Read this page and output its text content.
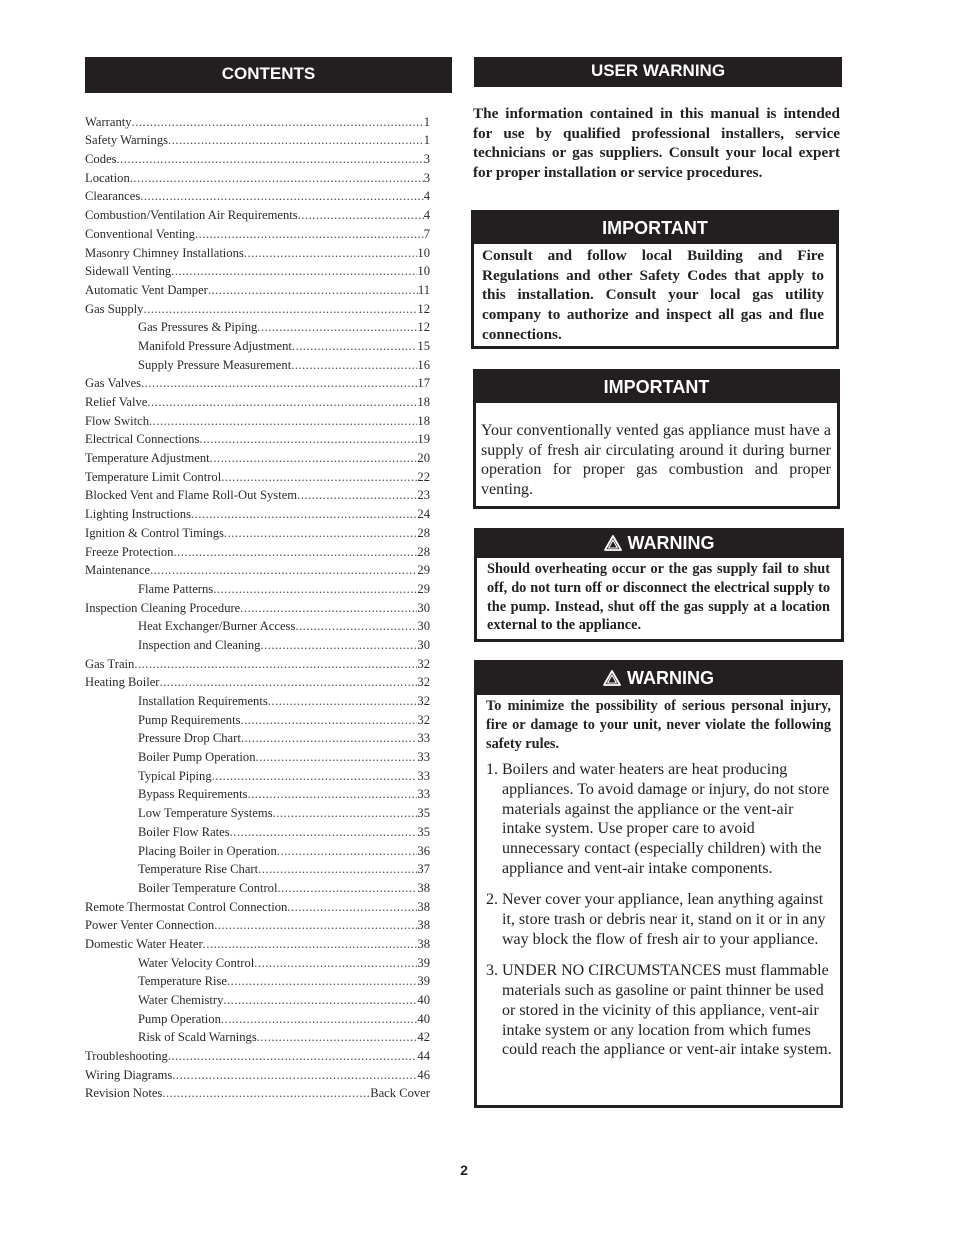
CONTENTS
Warranty .....	1
Safety Warnings .....	1
Codes .....	3
Location .....	3
Clearances .....	4
Combustion/Ventilation Air Requirements .....	4
Conventional Venting .....	7
Masonry Chimney Installations .....	10
Sidewall Venting .....	10
Automatic Vent Damper .....	11
Gas Supply .....	12
Gas Pressures & Piping .....	12
Manifold Pressure Adjustment .....	15
Supply Pressure Measurement .....	16
Gas Valves .....	17
Relief Valve .....	18
Flow Switch .....	18
Electrical Connections .....	19
Temperature Adjustment .....	20
Temperature Limit Control .....	22
Blocked Vent and Flame Roll-Out System .....	23
Lighting Instructions .....	24
Ignition & Control Timings .....	28
Freeze Protection .....	28
Maintenance .....	29
Flame Patterns .....	29
Inspection Cleaning Procedure .....	30
Heat Exchanger/Burner Access .....	30
Inspection and Cleaning .....	30
Gas Train .....	32
Heating Boiler .....	32
Installation Requirements .....	32
Pump Requirements .....	32
Pressure Drop Chart .....	33
Boiler Pump Operation .....	33
Typical Piping .....	33
Bypass Requirements .....	33
Low Temperature Systems .....	35
Boiler Flow Rates .....	35
Placing Boiler in Operation .....	36
Temperature Rise Chart .....	37
Boiler Temperature Control .....	38
Remote Thermostat Control Connection .....	38
Power Venter Connection .....	38
Domestic Water Heater .....	38
Water Velocity Control .....	39
Temperature Rise .....	39
Water Chemistry .....	40
Pump Operation .....	40
Risk of Scald Warnings .....	42
Troubleshooting .....	44
Wiring Diagrams .....	46
Revision Notes .....	Back Cover
USER WARNING
The information contained in this manual is intended for use by qualified professional installers, service technicians or gas suppliers. Consult your local expert for proper installation or service procedures.
IMPORTANT
Consult and follow local Building and Fire Regulations and other Safety Codes that apply to this installation. Consult your local gas utility company to authorize and inspect all gas and flue connections.
IMPORTANT
Your conventionally vented gas appliance must have a supply of fresh air circulating around it during burner operation for proper gas combustion and proper venting.
WARNING
Should overheating occur or the gas supply fail to shut off, do not turn off or disconnect the electrical supply to the pump. Instead, shut off the gas supply at a location external to the appliance.
WARNING
To minimize the possibility of serious personal injury, fire or damage to your unit, never violate the following safety rules.
1. Boilers and water heaters are heat producing appliances. To avoid damage or injury, do not store materials against the appliance or the vent-air intake system. Use proper care to avoid unnecessary contact (especially children) with the appliance and vent-air intake components.
2. Never cover your appliance, lean anything against it, store trash or debris near it, stand on it or in any way block the flow of fresh air to your appliance.
3. UNDER NO CIRCUMSTANCES must flammable materials such as gasoline or paint thinner be used or stored in the vicinity of this appliance, vent-air intake system or any location from which fumes could reach the appliance or vent-air intake system.
2
